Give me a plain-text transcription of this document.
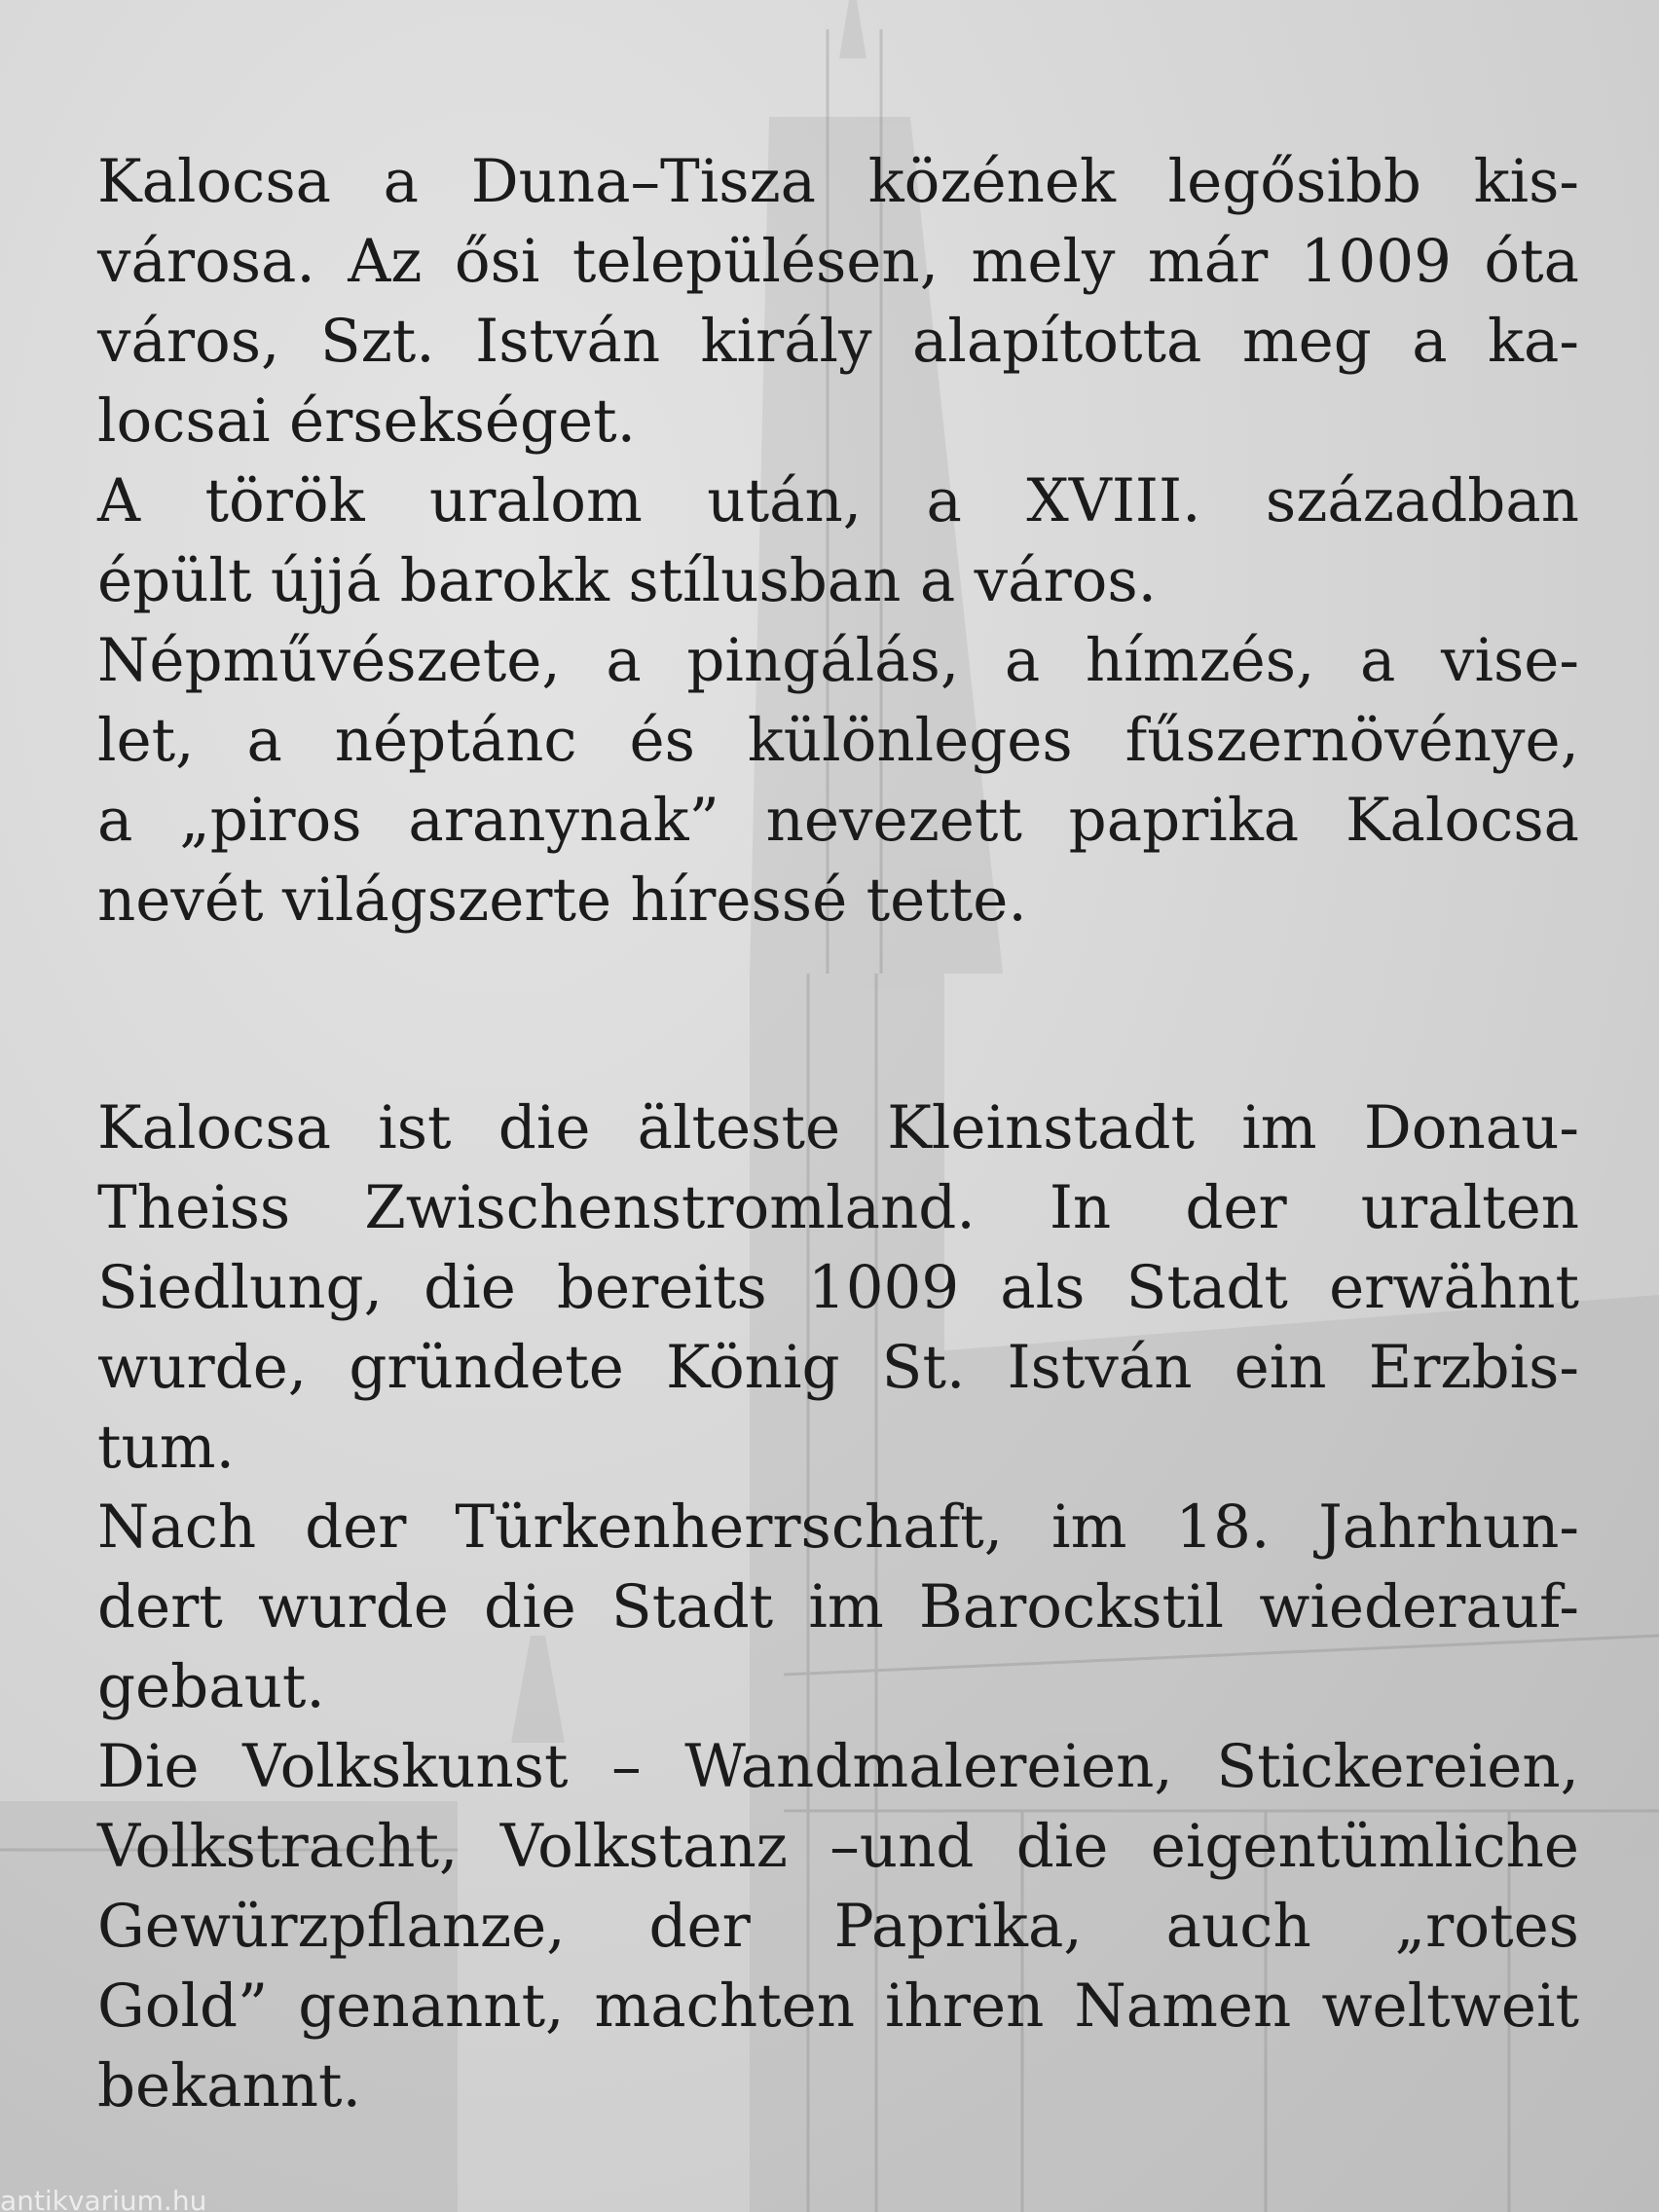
Kalocsa a Duna–Tisza közének legősibb kis-
városa. Az ősi településen, mely már 1009 óta
város, Szt. István király alapította meg a ka-
locsai érsekséget.

A török uralom után, a XVIII. században
épült újjá barokk stílusban a város.

Népművészete, a pingálás, a hímzés, a vise-
let, a néptánc és különleges fűszernövénye,
a „piros aranynak” nevezett paprika Kalocsa
nevét világszerte híressé tette.

Kalocsa ist die älteste Kleinstadt im Donau-
Theiss Zwischenstromland. In der uralten
Siedlung, die bereits 1009 als Stadt erwähnt
wurde, gründete König St. István ein Erzbis-
tum.

Nach der Türkenherrschaft, im 18. Jahrhun-
dert wurde die Stadt im Barockstil wiederauf-
gebaut.

Die Volkskunst – Wandmalereien, Stickereien,
Volkstracht, Volkstanz –und die eigentümliche
Gewürzpflanze, der Paprika, auch „rotes
Gold” genannt, machten ihren Namen weltweit
bekannt.

antikvarium.hu
